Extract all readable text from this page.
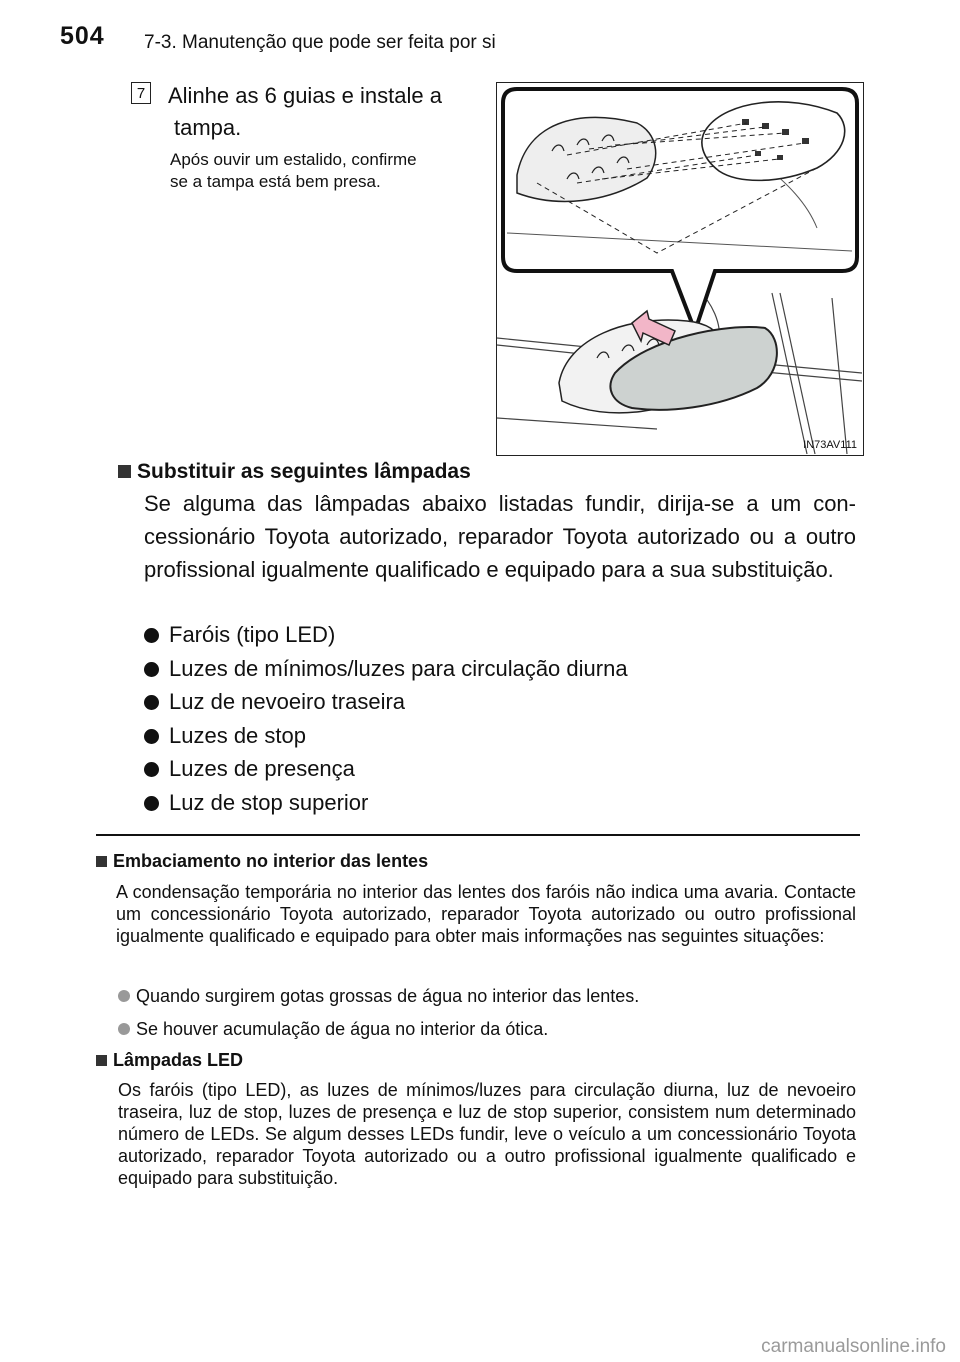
504 7-3. Manutenção que pode ser feita por si
7 Alinhe as 6 guias e instale a
tampa.
Após ouvir um estalido, confirme
se a tampa está bem presa.
IN73AV111
Substituir as seguintes lâmpadas
Se alguma das lâmpadas abaixo listadas fundir, dirija-se a um con-cessionário Toyota autorizado, reparador Toyota autorizado ou a outro profissional igualmente qualificado e equipado para a sua substituição.
Faróis (tipo LED)
Luzes de mínimos/luzes para circulação diurna
Luz de nevoeiro traseira
Luzes de stop
Luzes de presença
Luz de stop superior
Embaciamento no interior das lentes
A condensação temporária no interior das lentes dos faróis não indica uma avaria. Contacte um concessionário Toyota autorizado, reparador Toyota autorizado ou outro profissional igualmente qualificado e equipado para obter mais informações nas seguintes situações:
Quando surgirem gotas grossas de água no interior das lentes.
Se houver acumulação de água no interior da ótica.
Lâmpadas LED
Os faróis (tipo LED), as luzes de mínimos/luzes para circulação diurna, luz de nevoeiro traseira, luz de stop, luzes de presença e luz de stop superior, consistem num determinado número de LEDs. Se algum desses LEDs fundir, leve o veículo a um concessionário Toyota autorizado, reparador Toyota autorizado ou a outro profissional igualmente qualificado e equipado para substituição.
carmanualsonline.info
